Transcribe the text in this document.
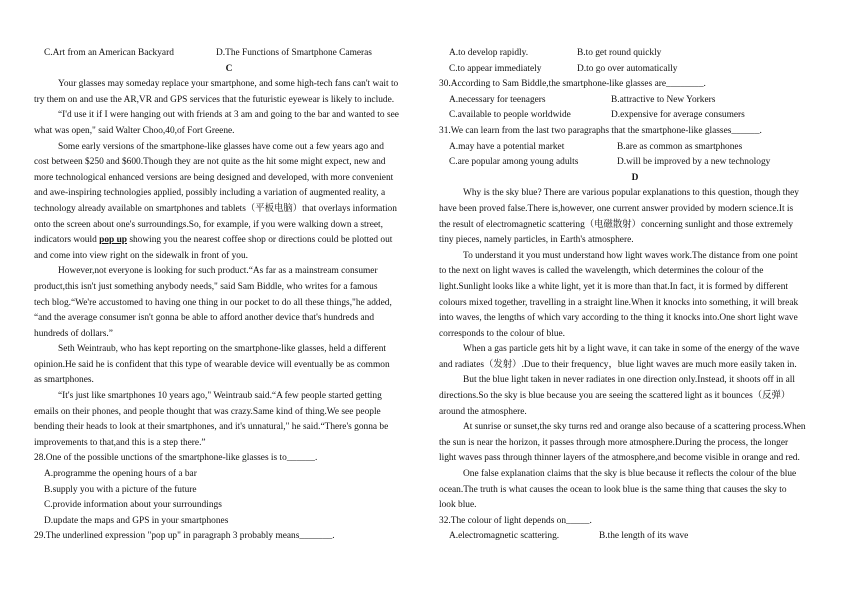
C.Art from an American Backyard	D.The Functions of Smartphone Cameras
C
Your glasses may someday replace your smartphone, and some high-tech fans can't wait to
try them on and use the AR,VR and GPS services that the futuristic eyewear is likely to include.
“I'd use it if I were hanging out with friends at 3 am and going to the bar and wanted to see
what was open," said Walter Choo,40,of Fort Greene.
Some early versions of the smartphone-like glasses have come out a few years ago and
cost between $250 and $600.Though they are not quite as the hit some might expect, new and
more technological enhanced versions are being designed and developed, with more convenient
and awe-inspiring technologies applied, possibly including a variation of augmented reality, a
technology already available on smartphones and tablets（平板电脑）that overlays information
onto the screen about one's surroundings.So, for example, if you were walking down a street,
indicators would pop up showing you the nearest coffee shop or directions could be plotted out
and come into view right on the sidewalk in front of you.
However,not everyone is looking for such product.“As far as a mainstream consumer
product,this isn't just something anybody needs," said Sam Biddle, who writes for a famous
tech blog.“We're accustomed to having one thing in our pocket to do all these things,"he added,
“and the average consumer isn't gonna be able to afford another device that's hundreds and
hundreds of dollars.”
Seth Weintraub, who has kept reporting on the smartphone-like glasses, held a different
opinion.He said he is confident that this type of wearable device will eventually be as common
as smartphones.
“It's just like smartphones 10 years ago," Weintraub said.“A few people started getting
emails on their phones, and people thought that was crazy.Same kind of thing.We see people
bending their heads to look at their smartphones, and it's unnatural," he said.“There's gonna be
improvements to that,and this is a step there.”
28.One of the possible unctions of the smartphone-like glasses is to______.
A.programme the opening hours of a bar
B.supply you with a picture of the future
C.provide information about your surroundings
D.update the maps and GPS in your smartphones
29.The underlined expression "pop up" in paragraph 3 probably means_______.
A.to develop rapidly.	B.to get round quickly
C.to appear immediately	D.to go over automatically
30.According to Sam Biddle,the smartphone-like glasses are________.
A.necessary for teenagers	B.attractive to New Yorkers
C.available to people worldwide	D.expensive for average consumers
31.We can learn from the last two paragraphs that the smartphone-like glasses______.
A.may have a potential market	B.are as common as smartphones
C.are popular among young adults	D.will be improved by a new technology
D
Why is the sky blue? There are various popular explanations to this question, though they
have been proved false.There is,however, one current answer provided by modern science.It is
the result of electromagnetic scattering（电磁散射）concerning sunlight and those extremely
tiny pieces, namely particles, in Earth's atmosphere.
To understand it you must understand how light waves work.The distance from one point
to the next on light waves is called the wavelength, which determines the colour of the
light.Sunlight looks like a white light, yet it is more than that.In fact, it is formed by different
colours mixed together, travelling in a straight line.When it knocks into something, it will break
into waves, the lengths of which vary according to the thing it knocks into.One short light wave
corresponds to the colour of blue.
When a gas particle gets hit by a light wave, it can take in some of the energy of the wave
and radiates（发射）.Due to their frequency，blue light waves are much more easily taken in.
But the blue light taken in never radiates in one direction only.Instead, it shoots off in all
directions.So the sky is blue because you are seeing the scattered light as it bounces（反弹）
around the atmosphere.
At sunrise or sunset,the sky turns red and orange also because of a scattering process.When
the sun is near the horizon, it passes through more atmosphere.During the process, the longer
light waves pass through thinner layers of the atmosphere,and become visible in orange and red.
One false explanation claims that the sky is blue because it reflects the colour of the blue
ocean.The truth is what causes the ocean to look blue is the same thing that causes the sky to
look blue.
32.The colour of light depends on_____.
A.electromagnetic scattering.	B.the length of its wave
